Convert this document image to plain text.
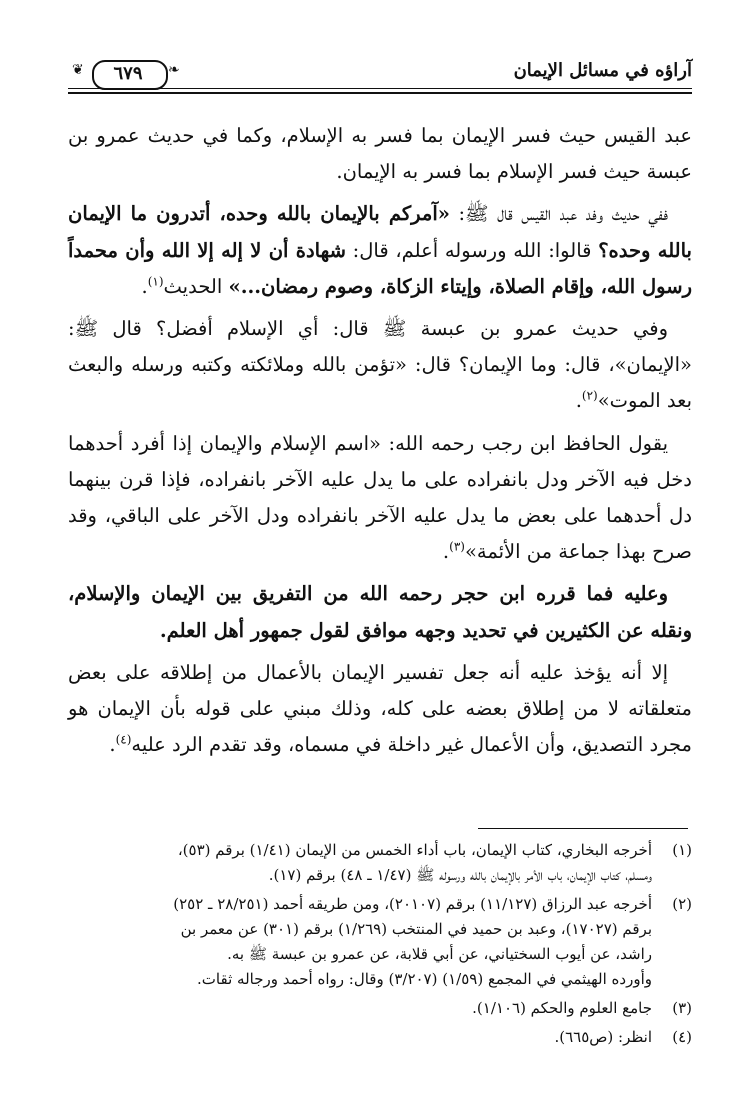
آراؤه في مسائل الإيمان
❦ ٦٧٩ ❧

عبد القيس حيث فسر الإيمان بما فسر به الإسلام، وكما في حديث عمرو بن عبسة حيث فسر الإسلام بما فسر به الإيمان.

ففي حديث وفد عبد القيس قال ﷺ: «آمركم بالإيمان بالله وحده، أتدرون ما الإيمان بالله وحده؟ قالوا: الله ورسوله أعلم، قال: شهادة أن لا إله إلا الله وأن محمداً رسول الله، وإقام الصلاة، وإيتاء الزكاة، وصوم رمضان...» الحديث$^{(١)}$.

وفي حديث عمرو بن عبسة ﷺ قال: أي الإسلام أفضل؟ قال ﷺ: «الإيمان»، قال: وما الإيمان؟ قال: «تؤمن بالله وملائكته وكتبه ورسله والبعث بعد الموت»$^{(٢)}$.

يقول الحافظ ابن رجب رحمه الله: «اسم الإسلام والإيمان إذا أفرد أحدهما دخل فيه الآخر ودل بانفراده على ما يدل عليه الآخر بانفراده، فإذا قرن بينهما دل أحدهما على بعض ما يدل عليه الآخر بانفراده ودل الآخر على الباقي، وقد صرح بهذا جماعة من الأئمة»$^{(٣)}$.

وعليه فما قرره ابن حجر رحمه الله من التفريق بين الإيمان والإسلام، ونقله عن الكثيرين في تحديد وجهه موافق لقول جمهور أهل العلم.

إلا أنه يؤخذ عليه أنه جعل تفسير الإيمان بالأعمال من إطلاقه على بعض متعلقاته لا من إطلاق بعضه على كله، وذلك مبني على قوله بأن الإيمان هو مجرد التصديق، وأن الأعمال غير داخلة في مسماه، وقد تقدم الرد عليه$^{(٤)}$.

(١)
أخرجه البخاري، كتاب الإيمان، باب أداء الخمس من الإيمان (١/٤١) برقم (٥٣)،
ومسلم، كتاب الإيمان، باب الأمر بالإيمان بالله ورسوله ﷺ (١/٤٧ ـ ٤٨) برقم (١٧).
(٢)
أخرجه عبد الرزاق (١١/١٢٧) برقم (٢٠١٠٧)، ومن طريقه أحمد (٢٨/٢٥١ ـ ٢٥٢)
برقم (١٧٠٢٧)، وعبد بن حميد في المنتخب (١/٢٦٩) برقم (٣٠١) عن معمر بن
راشد، عن أيوب السختياني، عن أبي قلابة، عن عمرو بن عبسة ﷺ به.
وأورده الهيثمي في المجمع (١/٥٩) (٣/٢٠٧) وقال: رواه أحمد ورجاله ثقات.
(٣)
جامع العلوم والحكم (١/١٠٦).
(٤)
انظر: (ص٦٦٥).
